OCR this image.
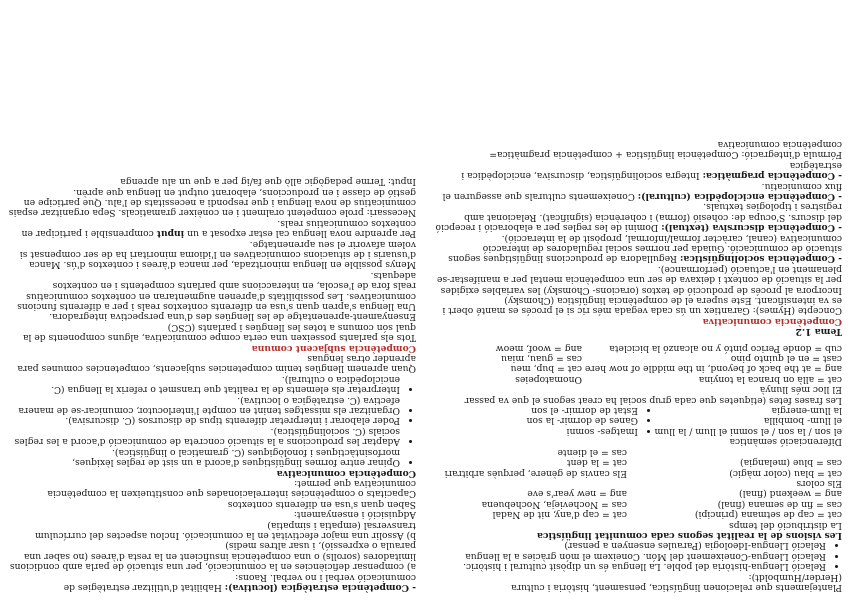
Plantejaments que relacionen lingüística, pensament, història i cultura (Herder/Humboldt):

• Relació Llengua-història del poble. La llengua és un dipòsit cultural i històric.
• Relació Llengua-Coneixement del Món. Coneixem el món gràcies a la llengua
• Relació Llengua-Ideologia (Paraules ensenyen a pensar)

Les visions de la realitat segons cada comunitat lingüística

La distribució del temps

cat = cap de setmana (principi)
cat = cap d'any, nit de Nadal
cas = fin de semana (final)
cas = Nochevieja, Nochebuena
ang = weekend (final)
ang = new year's eve

Els colors

cat = blau (color màgic)
Els canvis de gènere, perquès arbitrari
cas = blue (melangia)
cat = la dent
cas = el diente

Diferenciació semàntica

el son / la son / el somni el llum / la llum
• Imatges- somni
el llum- bombilla
• Ganes de dormir- la son
la llum-energia
• Estat de dormir- el son

Les frases fetes (etiquetes que cada grup social ha creat segons el que va passar

El lloc més llunyà

cat = allà on branca la tonyina
Onomatopeies
ang = at the back of beyond, in the middle of now here
cat = bup, meu
cast = en el quinto pino
cas = guau, miau
cub = donde Perico pintó y no alcanzó la bicicleta
ang = woof, meow

Tema 1.2

Competència comunicativa

Concepte (Hymes): Garantiex un ús cada vegada més ric si el procés es manté obert i es va intensificant. Este supera el de competència lingüística (Chomsky)

Incorpora al procés de producció de textos (oracions- Chomsky) les variables exigides per la situació de context i deixava de ser una competència mental per a manifestar-se plenament en l'actuació (performance).

- Competència sociolingüística: Regulladora de produccions lingüístiques segons situació de comunicació. Guiada per normes social reguladores de interacció comunicativa (canal, caràcter formal/informal, propòsit de la interacció).

- Competència discursiva (textual): Domini de les regles per a elaboració i recepció del discurs. S'ocupa de: cohesió (forma) i coherència (significat). Relacionat amb registres i tipologies textuals.

- Competència enciclopèdica (cultural): Coneixements culturals que asseguren el flux comunicatiu.

- Competència pragmàtica: Integra sociolingüística, discursiva, enciclopèdica i estratègica

Fórmula d'integració: Competència lingüística + competència pragmàtica= competència comunicativa

- Competència estratègica (locutiva): Habilitat d'utilitzar estratègies de comunicació verbal i no verbal. Raons:

a) compensar deficiències en la comunicació, per una situació de parla amb condicions limitadores (sorolls) o una competència insuficient en la resta d'àrees (no saber una paraula o expressió), i usar altres medis)

b) Assolir una major efectivitat en la comunicació. Inclou aspectes del currículum transversal (empatia i simpatia)

Adquisició i ensenyament:

Saben quan s'usa en diferents contextos

Capacitats o competències interrelacionades que constitueixen la competència comunicativa que permet:

Competència comunicativa

• Opinar entre formes lingüístiques d'acord a un sist de regles lèxiques, morfosintàctiques i fonològiques (C. gramatical o lingüística).
• Adaptar les produccions a la situació concreta de comunicació d'acord a les regles socials (C. sociolingüística).
• Poder elaborar i interpretar diferents tipus de discursos (C. discursiva).
• Organitzar els missatges tenint en compte l'interlocutor, comunicar-se de manera efectiva (C. estratègica o locutiva).
• Interpretar els elements de la realitat que transmet o referix la llengua (C. enciclopèdica o cultural).

Quan aprenem llengües tenim competencies subjacents, competencies comunes para aprender otras lenguas

Competència subjacent comuna

Tots els parlants posseixen una certa compe comunicativa, alguns components de la qual són comuns a totes les llengües i parlants (CSC)

Ensenyament-aprenentatge de les llengües des d'una perspectiva integradora.

Una llengua s'apren quan s'usa en diferents contextos reals i per a diferents funcions comunicatives. Les possibilitats d'aprenen augmentaran en contextos comunicatius reals fora de l'escola, en interaccions amb parlants competents i en contextos adequats.

Menys possible en llengua minoritzada, per manca d'àrees i contextos d'ús. Manca d'usuaris i de situacions comunicatives en l'idioma minoritari ha de ser compensat si volem afavorir el seu aprenentatge.

Per aprendre nova llengua cal estar exposat a un input comprensible i participar en contextos comunicatius reals.

Necessari: prole competent oralment i en conèixer gramaticals. Sepa organitzar espais comunicatius de nova llengua i que respondi a necessitats de l'alu. Que participe en gestió de classe i en produccions, elaborant output en llengua que aprèn.

Input: Terme pedagògic allò que fa/ig per a que un alu aprenga
